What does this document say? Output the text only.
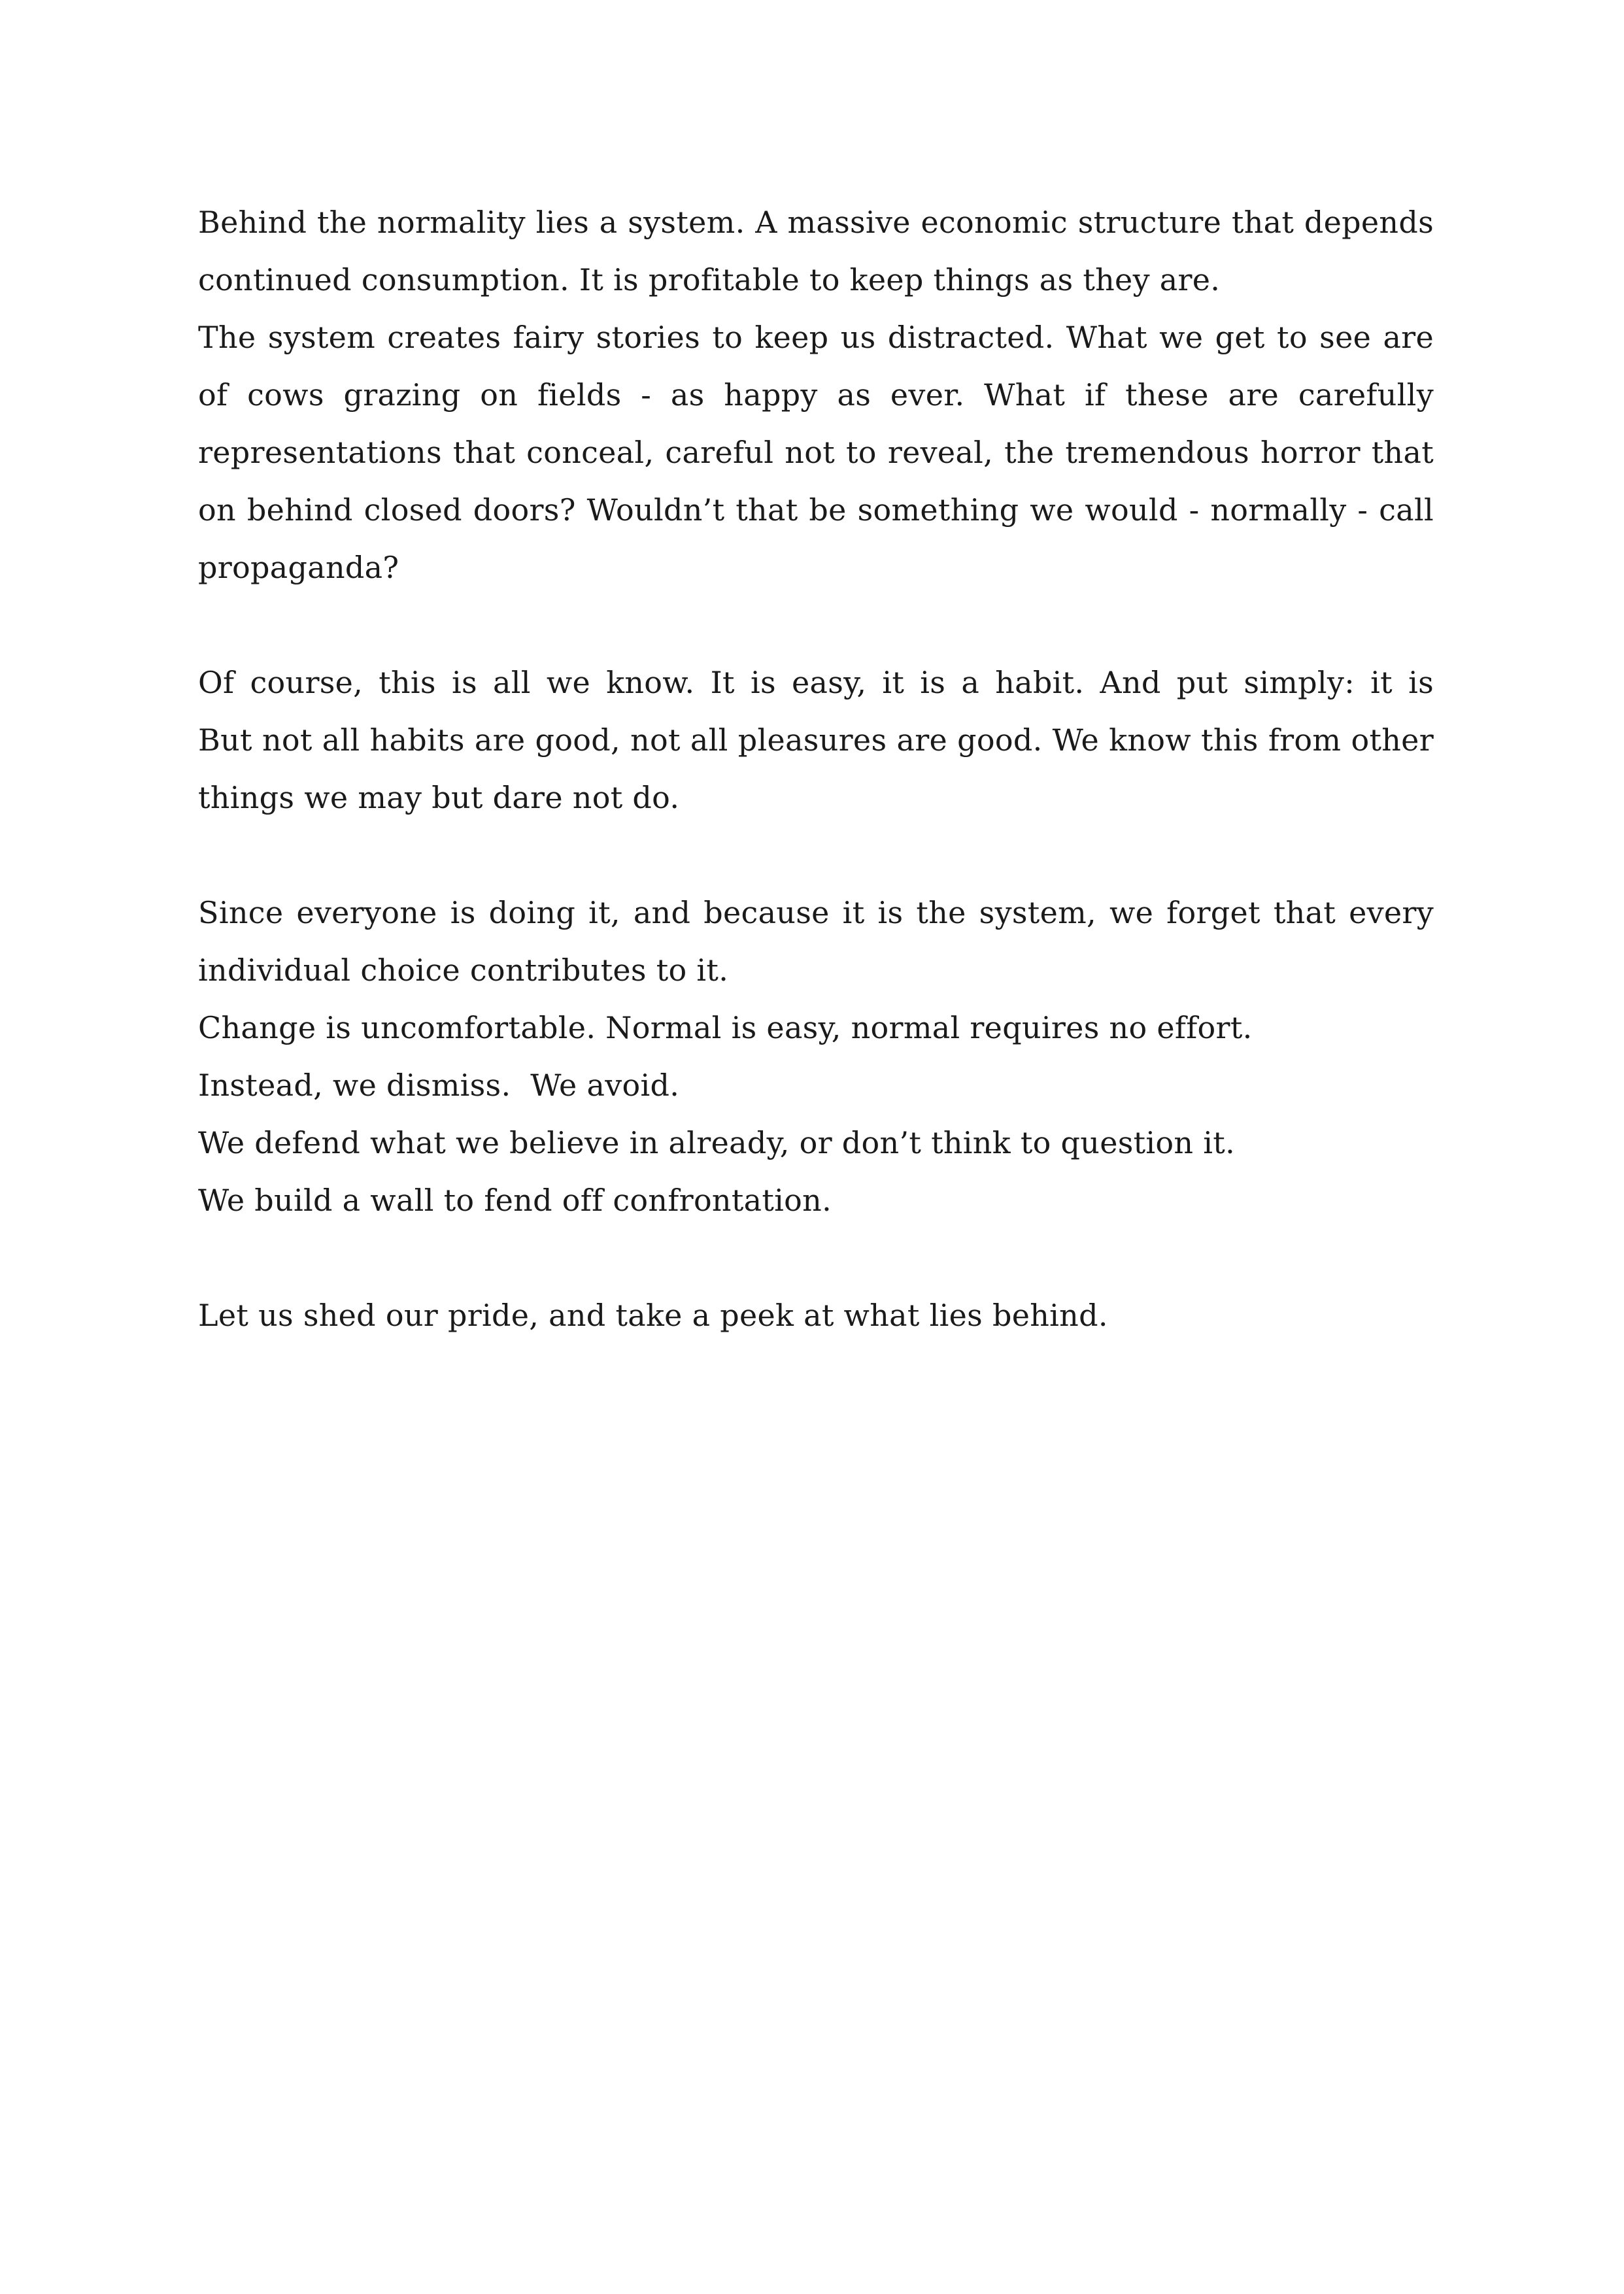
Behind the normality lies a system. A massive economic structure that depends
continued consumption. It is profitable to keep things as they are.
The system creates fairy stories to keep us distracted. What we get to see are
of cows grazing on fields - as happy as ever. What if these are carefully
representations that conceal, careful not to reveal, the tremendous horror that
on behind closed doors? Wouldn’t that be something we would - normally - call
propaganda?
Of course, this is all we know. It is easy, it is a habit. And put simply: it is
But not all habits are good, not all pleasures are good. We know this from other
things we may but dare not do.
Since everyone is doing it, and because it is the system, we forget that every
individual choice contributes to it.
Change is uncomfortable. Normal is easy, normal requires no effort.
Instead, we dismiss.  We avoid.
We defend what we believe in already, or don’t think to question it.
We build a wall to fend off confrontation.
Let us shed our pride, and take a peek at what lies behind.
